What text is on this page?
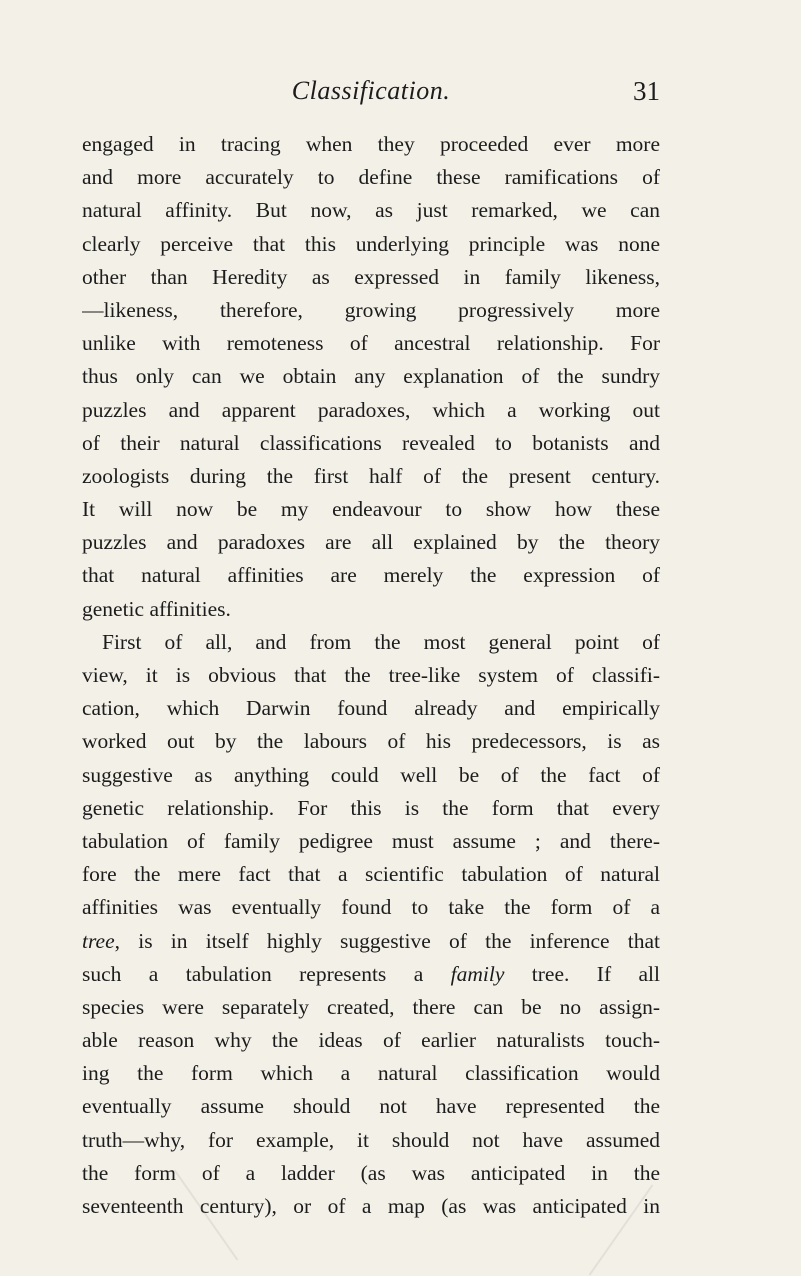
Classification.	31
engaged in tracing when they proceeded ever more
and more accurately to define these ramifications of
natural affinity. But now, as just remarked, we can
clearly perceive that this underlying principle was none
other than Heredity as expressed in family likeness,
—likeness, therefore, growing progressively more
unlike with remoteness of ancestral relationship. For
thus only can we obtain any explanation of the sundry
puzzles and apparent paradoxes, which a working out
of their natural classifications revealed to botanists and
zoologists during the first half of the present century.
It will now be my endeavour to show how these
puzzles and paradoxes are all explained by the theory
that natural affinities are merely the expression of
genetic affinities.
First of all, and from the most general point of
view, it is obvious that the tree-like system of classifi-
cation, which Darwin found already and empirically
worked out by the labours of his predecessors, is as
suggestive as anything could well be of the fact of
genetic relationship. For this is the form that every
tabulation of family pedigree must assume ; and there-
fore the mere fact that a scientific tabulation of natural
affinities was eventually found to take the form of a
tree, is in itself highly suggestive of the inference that
such a tabulation represents a family tree. If all
species were separately created, there can be no assign-
able reason why the ideas of earlier naturalists touch-
ing the form which a natural classification would
eventually assume should not have represented the
truth—why, for example, it should not have assumed
the form of a ladder (as was anticipated in the
seventeenth century), or of a map (as was anticipated in
